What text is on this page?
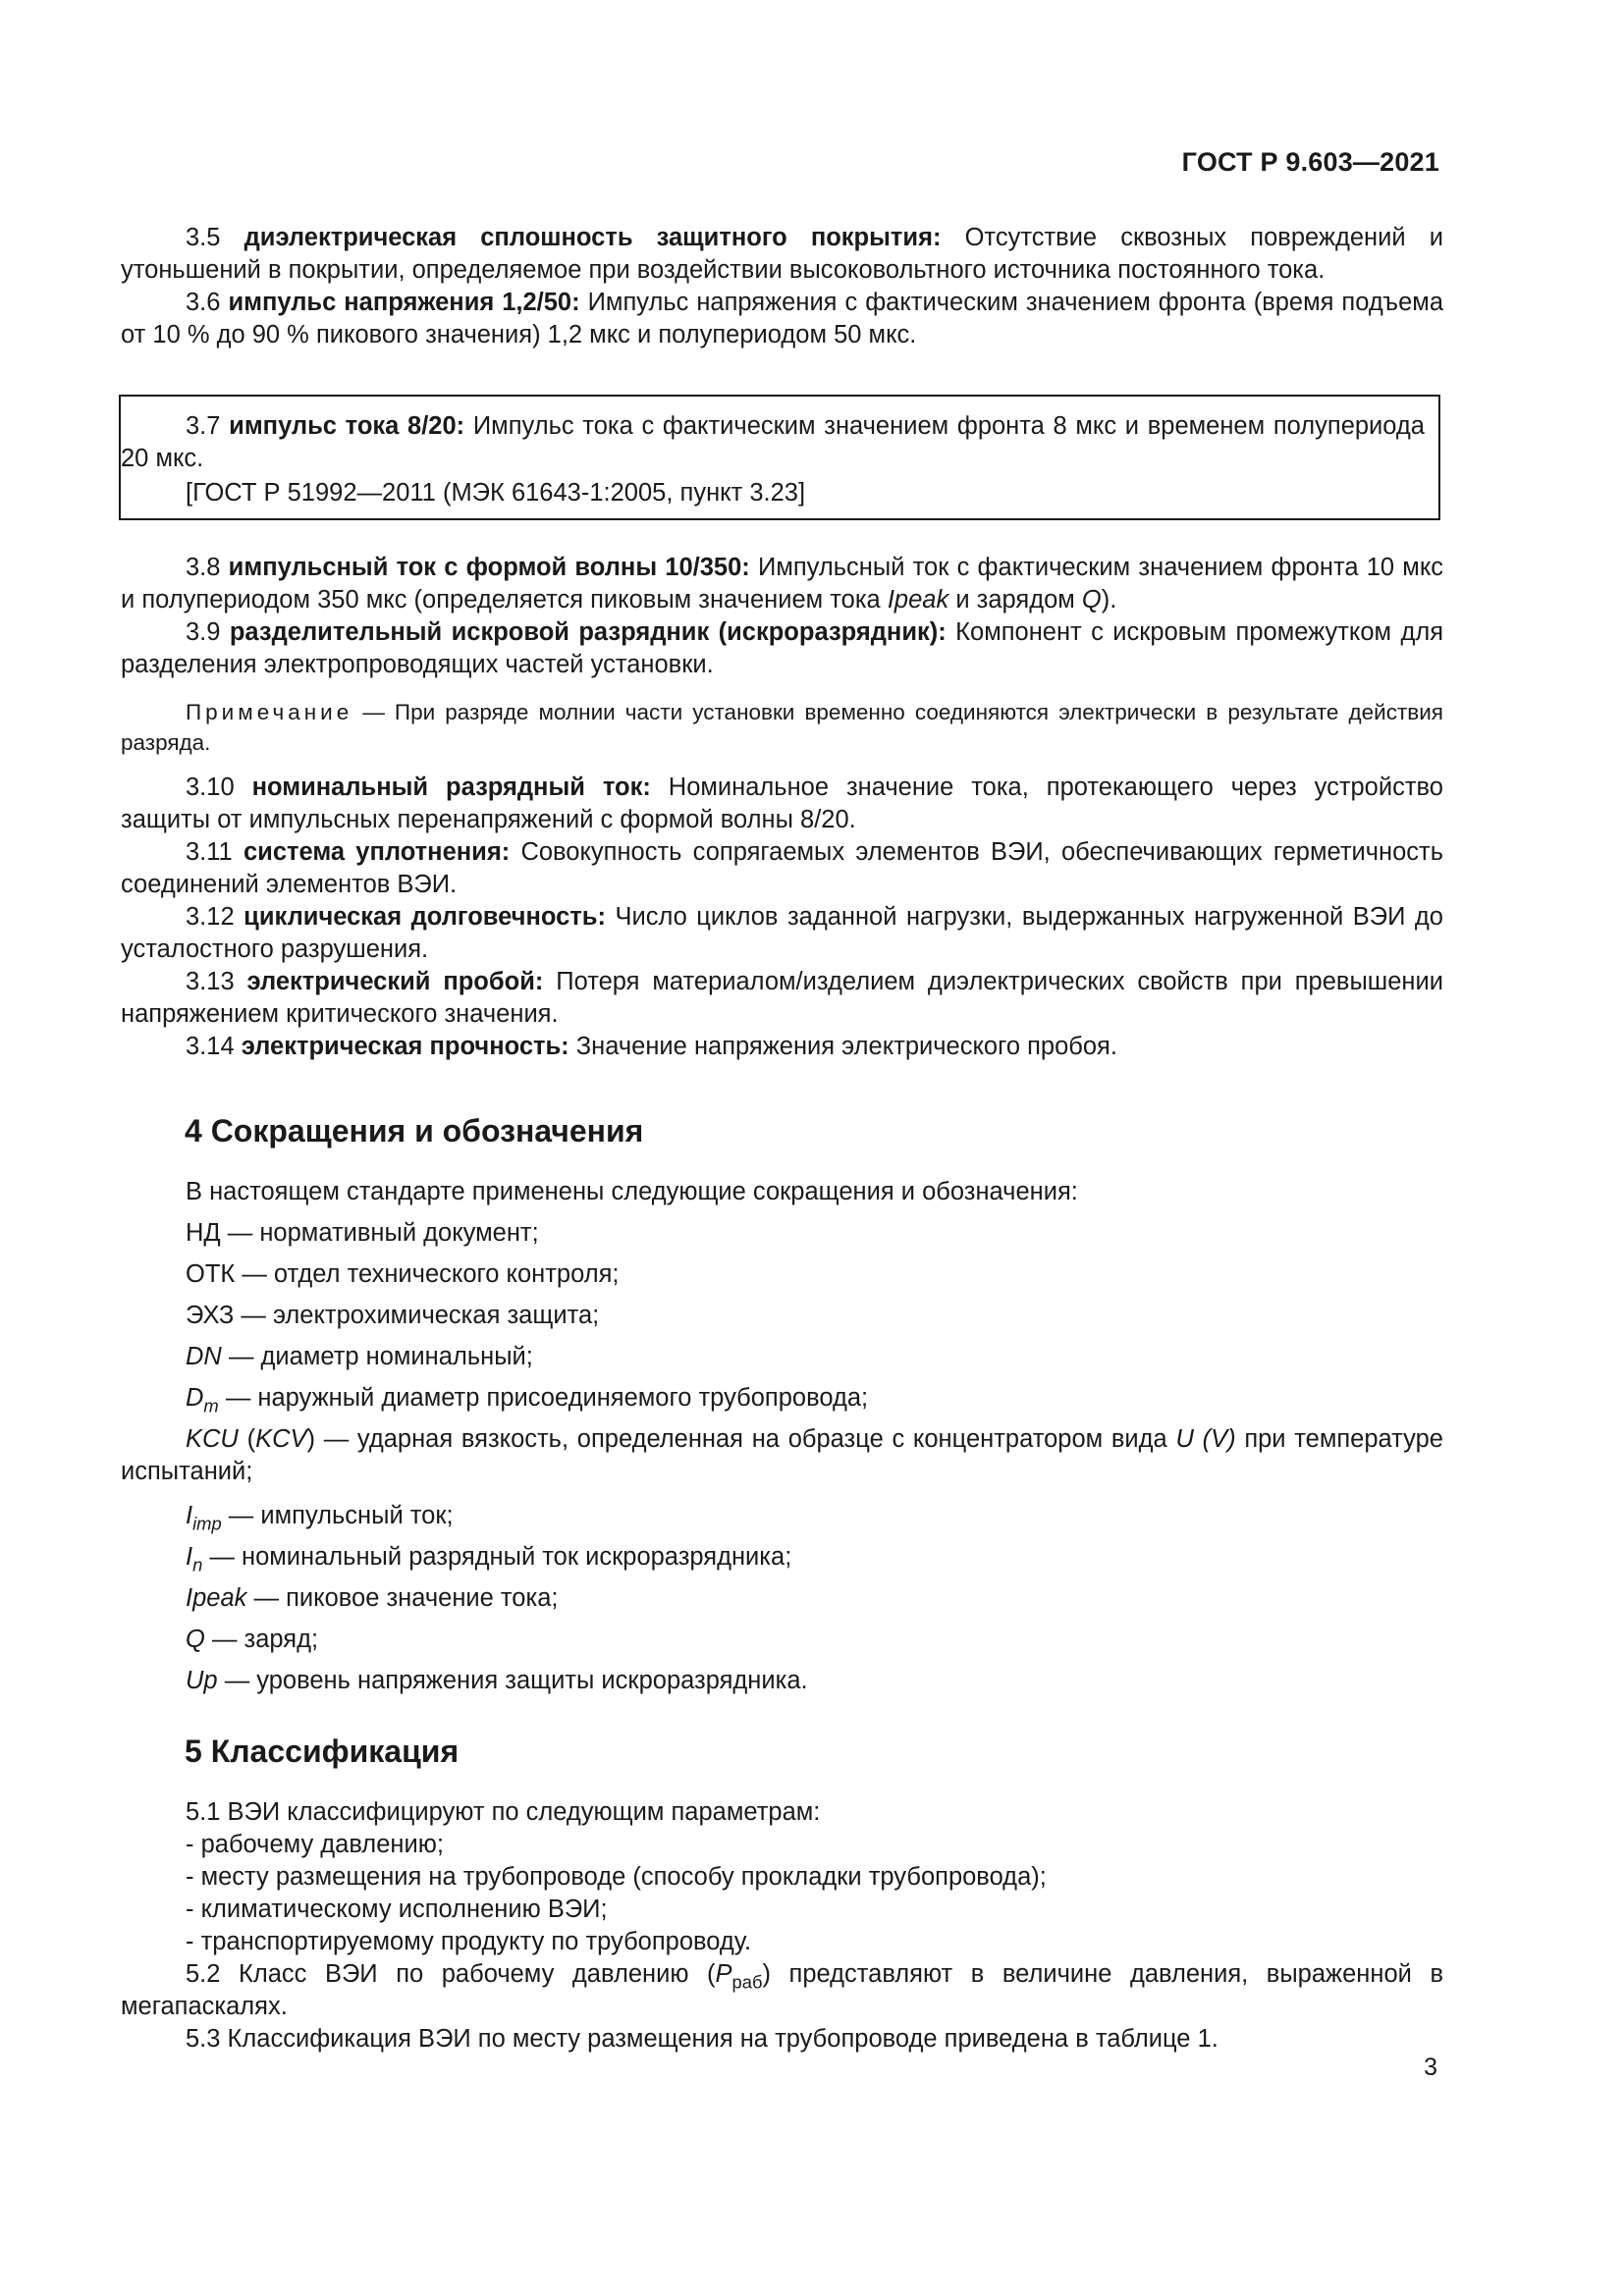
ГОСТ Р 9.603—2021

3.5 диэлектрическая сплошность защитного покрытия: Отсутствие сквозных повреждений и утоньшений в покрытии, определяемое при воздействии высоковольтного источника постоянного тока.

3.6 импульс напряжения 1,2/50: Импульс напряжения с фактическим значением фронта (время подъема от 10 % до 90 % пикового значения) 1,2 мкс и полупериодом 50 мкс.

3.7 импульс тока 8/20: Импульс тока с фактическим значением фронта 8 мкс и временем полупериода 20 мкс.

[ГОСТ Р 51992—2011 (МЭК 61643-1:2005, пункт 3.23]

3.8 импульсный ток с формой волны 10/350: Импульсный ток с фактическим значением фронта 10 мкс и полупериодом 350 мкс (определяется пиковым значением тока Ipeak и зарядом Q).

3.9 разделительный искровой разрядник (искроразрядник): Компонент с искровым промежутком для разделения электропроводящих частей установки.

Примечание — При разряде молнии части установки временно соединяются электрически в результате действия разряда.

3.10 номинальный разрядный ток: Номинальное значение тока, протекающего через устройство защиты от импульсных перенапряжений с формой волны 8/20.

3.11 система уплотнения: Совокупность сопрягаемых элементов ВЭИ, обеспечивающих герметичность соединений элементов ВЭИ.

3.12 циклическая долговечность: Число циклов заданной нагрузки, выдержанных нагруженной ВЭИ до усталостного разрушения.

3.13 электрический пробой: Потеря материалом/изделием диэлектрических свойств при превышении напряжением критического значения.

3.14 электрическая прочность: Значение напряжения электрического пробоя.

4 Сокращения и обозначения

В настоящем стандарте применены следующие сокращения и обозначения:

НД — нормативный документ;

ОТК — отдел технического контроля;

ЭХЗ — электрохимическая защита;

DN — диаметр номинальный;

$D_m$ — наружный диаметр присоединяемого трубопровода;

KCU (KCV) — ударная вязкость, определенная на образце с концентратором вида U (V) при температуре испытаний;

$I_{imp}$ — импульсный ток;

$I_n$ — номинальный разрядный ток искроразрядника;

Ipeak — пиковое значение тока;

Q — заряд;

Up — уровень напряжения защиты искроразрядника.

5 Классификация

5.1 ВЭИ классифицируют по следующим параметрам:

- рабочему давлению;

- месту размещения на трубопроводе (способу прокладки трубопровода);

- климатическому исполнению ВЭИ;

- транспортируемому продукту по трубопроводу.

5.2 Класс ВЭИ по рабочему давлению $(P_{раб})$ представляют в величине давления, выраженной в мегапаскалях.

5.3 Классификация ВЭИ по месту размещения на трубопроводе приведена в таблице 1.

3
